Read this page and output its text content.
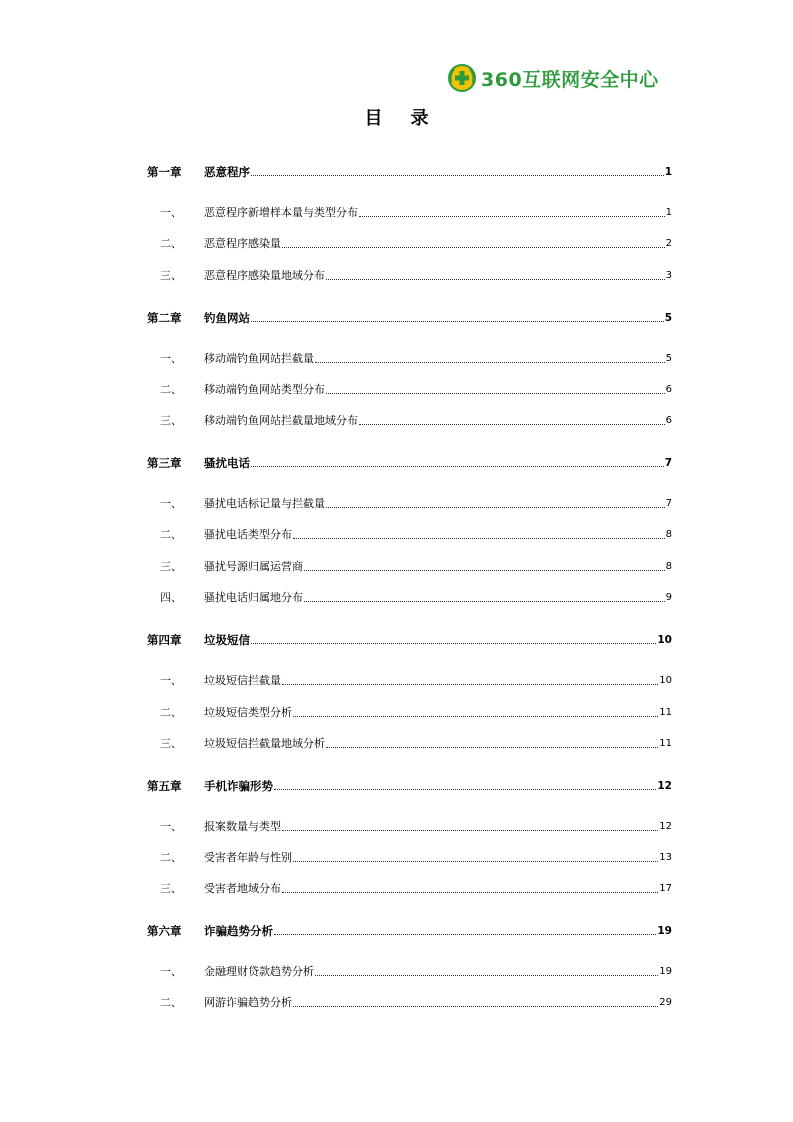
360互联网安全中心
目录
第一章	恶意程序	1
一、	恶意程序新增样本量与类型分布	1
二、	恶意程序感染量	2
三、	恶意程序感染量地域分布	3
第二章	钓鱼网站	5
一、	移动端钓鱼网站拦截量	5
二、	移动端钓鱼网站类型分布	6
三、	移动端钓鱼网站拦截量地域分布	6
第三章	骚扰电话	7
一、	骚扰电话标记量与拦截量	7
二、	骚扰电话类型分布	8
三、	骚扰号源归属运营商	8
四、	骚扰电话归属地分布	9
第四章	垃圾短信	10
一、	垃圾短信拦截量	10
二、	垃圾短信类型分析	11
三、	垃圾短信拦截量地域分析	11
第五章	手机诈骗形势	12
一、	报案数量与类型	12
二、	受害者年龄与性别	13
三、	受害者地域分布	17
第六章	诈骗趋势分析	19
一、	金融理财贷款趋势分析	19
二、	网游诈骗趋势分析	29
